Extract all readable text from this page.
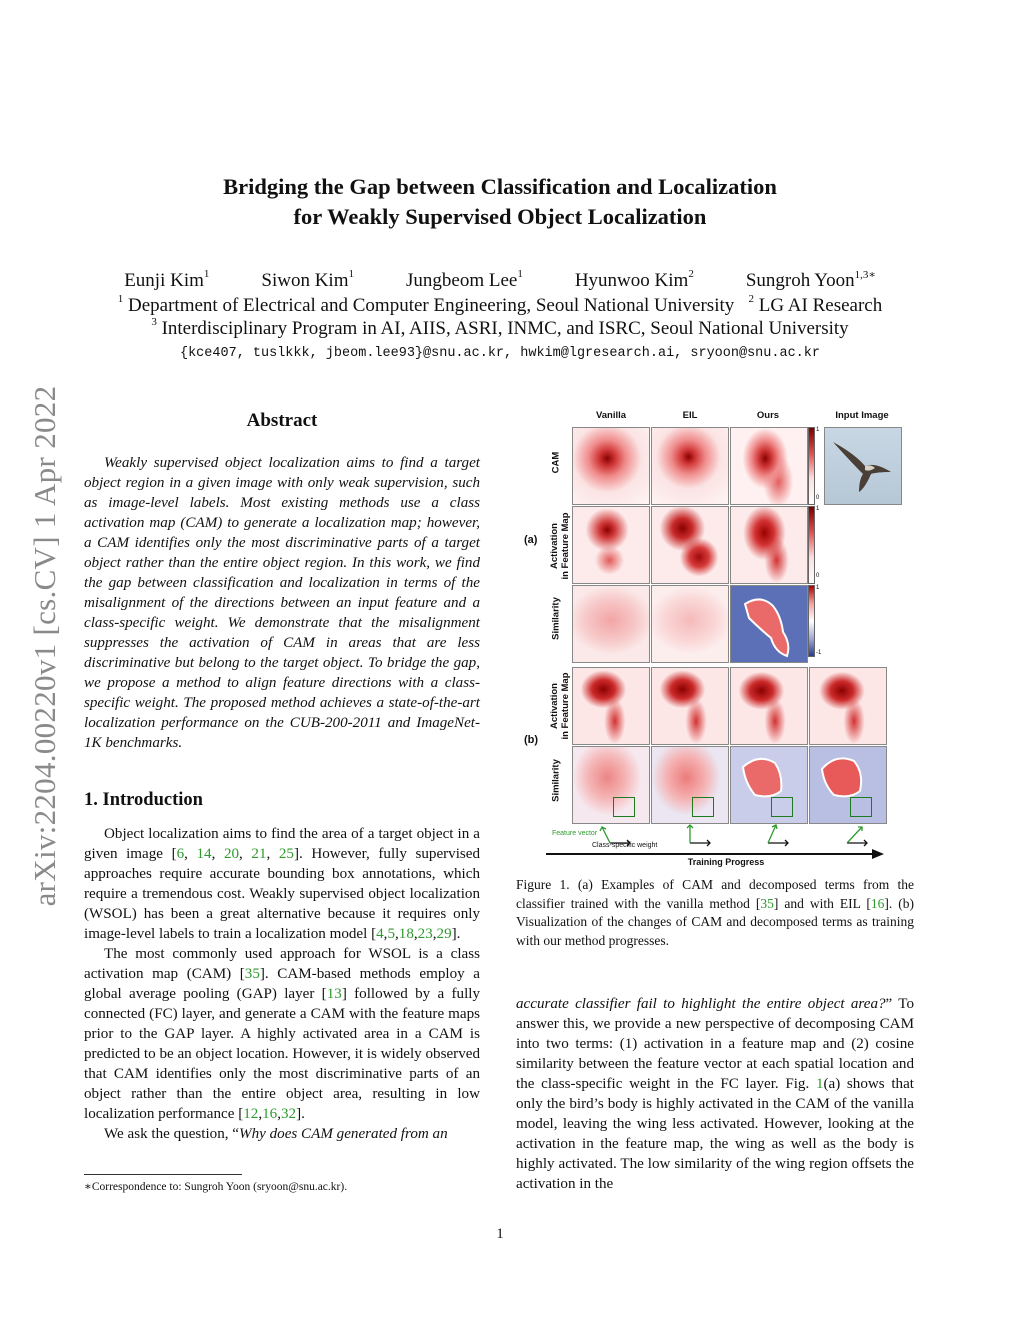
arXiv:2204.00220v1 [cs.CV] 1 Apr 2022
Bridging the Gap between Classification and Localization
for Weakly Supervised Object Localization
Eunji Kim$^1$	Siwon Kim$^1$	Jungbeom Lee$^1$	Hyunwoo Kim$^2$	Sungroh Yoon$^{1,3∗}$
$^1$ Department of Electrical and Computer Engineering, Seoul National University $^2$ LG AI Research
$^3$ Interdisciplinary Program in AI, AIIS, ASRI, INMC, and ISRC, Seoul National University
{kce407, tuslkkk, jbeom.lee93}@snu.ac.kr, hwkim@lgresearch.ai, sryoon@snu.ac.kr
Abstract

Weakly supervised object localization aims to find a target object region in a given image with only weak supervision, such as image-level labels. Most existing methods use a class activation map (CAM) to generate a localization map; however, a CAM identifies only the most discriminative parts of a target object rather than the entire object region. In this work, we find the gap between classification and localization in terms of the misalignment of the directions between an input feature and a class-specific weight. We demonstrate that the misalignment suppresses the activation of CAM in areas that are less discriminative but belong to the target object. To bridge the gap, we propose a method to align feature directions with a class-specific weight. The proposed method achieves a state-of-the-art localization performance on the CUB-200-2011 and ImageNet-1K benchmarks.

1. Introduction

Object localization aims to find the area of a target object in a given image [6, 14, 20, 21, 25]. However, fully supervised approaches require accurate bounding box annotations, which require a tremendous cost. Weakly supervised object localization (WSOL) has been a great alternative because it requires only image-level labels to train a localization model [4,5,18,23,29].

The most commonly used approach for WSOL is a class activation map (CAM) [35]. CAM-based methods employ a global average pooling (GAP) layer [13] followed by a fully connected (FC) layer, and generate a CAM with the feature maps prior to the GAP layer. A highly activated area in a CAM is predicted to be an object location. However, it is widely observed that CAM identifies only the most discriminative parts of an object rather than the entire object area, resulting in low localization performance [12,16,32].

We ask the question, “Why does CAM generated from an

∗Correspondence to: Sungroh Yoon (sryoon@snu.ac.kr).
1
Vanilla	EIL	Ours	Input Image
CAM
Activation
in Feature Map
Similarity
Activation
in Feature Map
Similarity
(a)
(b)
1
0
1
0
1
-1
Feature vector
Class-specific weight
Training Progress
Figure 1. (a) Examples of CAM and decomposed terms from the classifier trained with the vanilla method [35] and with EIL [16]. (b) Visualization of the changes of CAM and decomposed terms as training with our method progresses.
accurate classifier fail to highlight the entire object area?” To answer this, we provide a new perspective of decomposing CAM into two terms: (1) activation in a feature map and (2) cosine similarity between the feature vector at each spatial location and the class-specific weight in the FC layer. Fig. 1(a) shows that only the bird’s body is highly activated in the CAM of the vanilla model, leaving the wing less activated. However, looking at the activation in the feature map, the wing as well as the body is highly activated. The low similarity of the wing region offsets the activation in the
